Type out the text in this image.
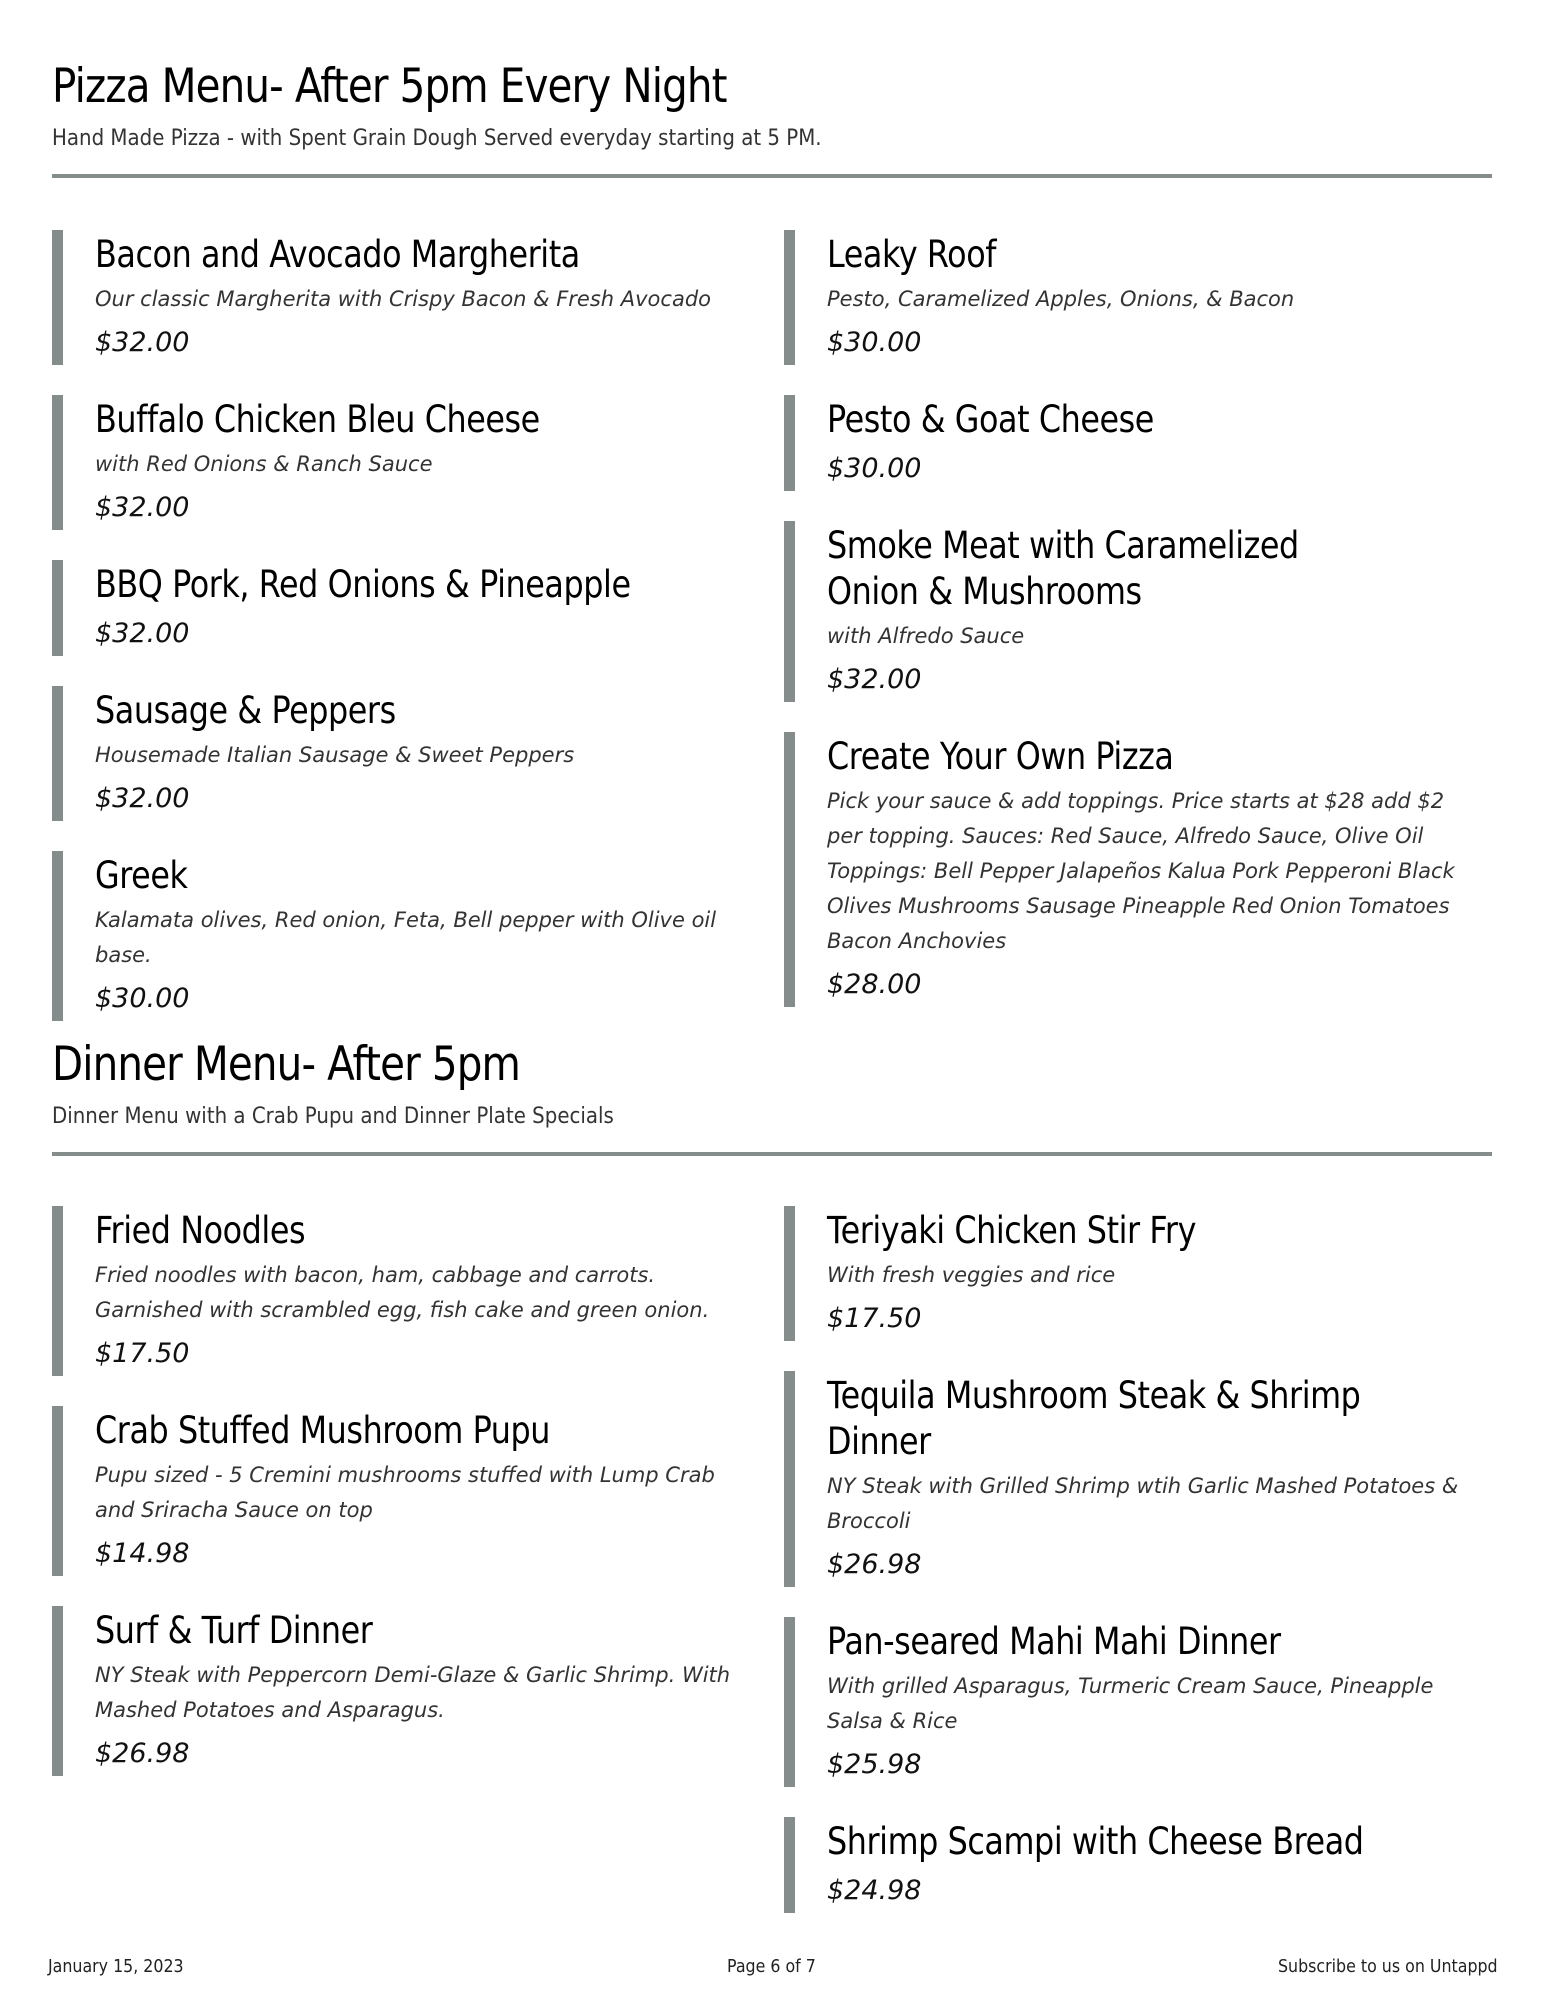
Pizza Menu- After 5pm Every Night
Hand Made Pizza - with Spent Grain Dough Served everyday starting at 5 PM.
Bacon and Avocado Margherita
Our classic Margherita with Crispy Bacon & Fresh Avocado
$32.00
Buffalo Chicken Bleu Cheese
with Red Onions & Ranch Sauce
$32.00
BBQ Pork, Red Onions & Pineapple
$32.00
Sausage & Peppers
Housemade Italian Sausage & Sweet Peppers
$32.00
Greek
Kalamata olives, Red onion, Feta, Bell pepper with Olive oil base.
$30.00
Leaky Roof
Pesto, Caramelized Apples, Onions, & Bacon
$30.00
Pesto & Goat Cheese
$30.00
Smoke Meat with Caramelized Onion & Mushrooms
with Alfredo Sauce
$32.00
Create Your Own Pizza
Pick your sauce & add toppings. Price starts at $28 add $2 per topping. Sauces: Red Sauce, Alfredo Sauce, Olive Oil Toppings: Bell Pepper Jalapeños Kalua Pork Pepperoni Black Olives Mushrooms Sausage Pineapple Red Onion Tomatoes Bacon Anchovies
$28.00
Dinner Menu- After 5pm
Dinner Menu with a Crab Pupu and Dinner Plate Specials
Fried Noodles
Fried noodles with bacon, ham, cabbage and carrots. Garnished with scrambled egg, fish cake and green onion.
$17.50
Crab Stuffed Mushroom Pupu
Pupu sized - 5 Cremini mushrooms stuffed with Lump Crab and Sriracha Sauce on top
$14.98
Surf & Turf Dinner
NY Steak with Peppercorn Demi-Glaze & Garlic Shrimp. With Mashed Potatoes and Asparagus.
$26.98
Teriyaki Chicken Stir Fry
With fresh veggies and rice
$17.50
Tequila Mushroom Steak & Shrimp Dinner
NY Steak with Grilled Shrimp wtih Garlic Mashed Potatoes & Broccoli
$26.98
Pan-seared Mahi Mahi Dinner
With grilled Asparagus, Turmeric Cream Sauce, Pineapple Salsa & Rice
$25.98
Shrimp Scampi with Cheese Bread
$24.98
January 15, 2023	Page 6 of 7	Subscribe to us on Untappd
